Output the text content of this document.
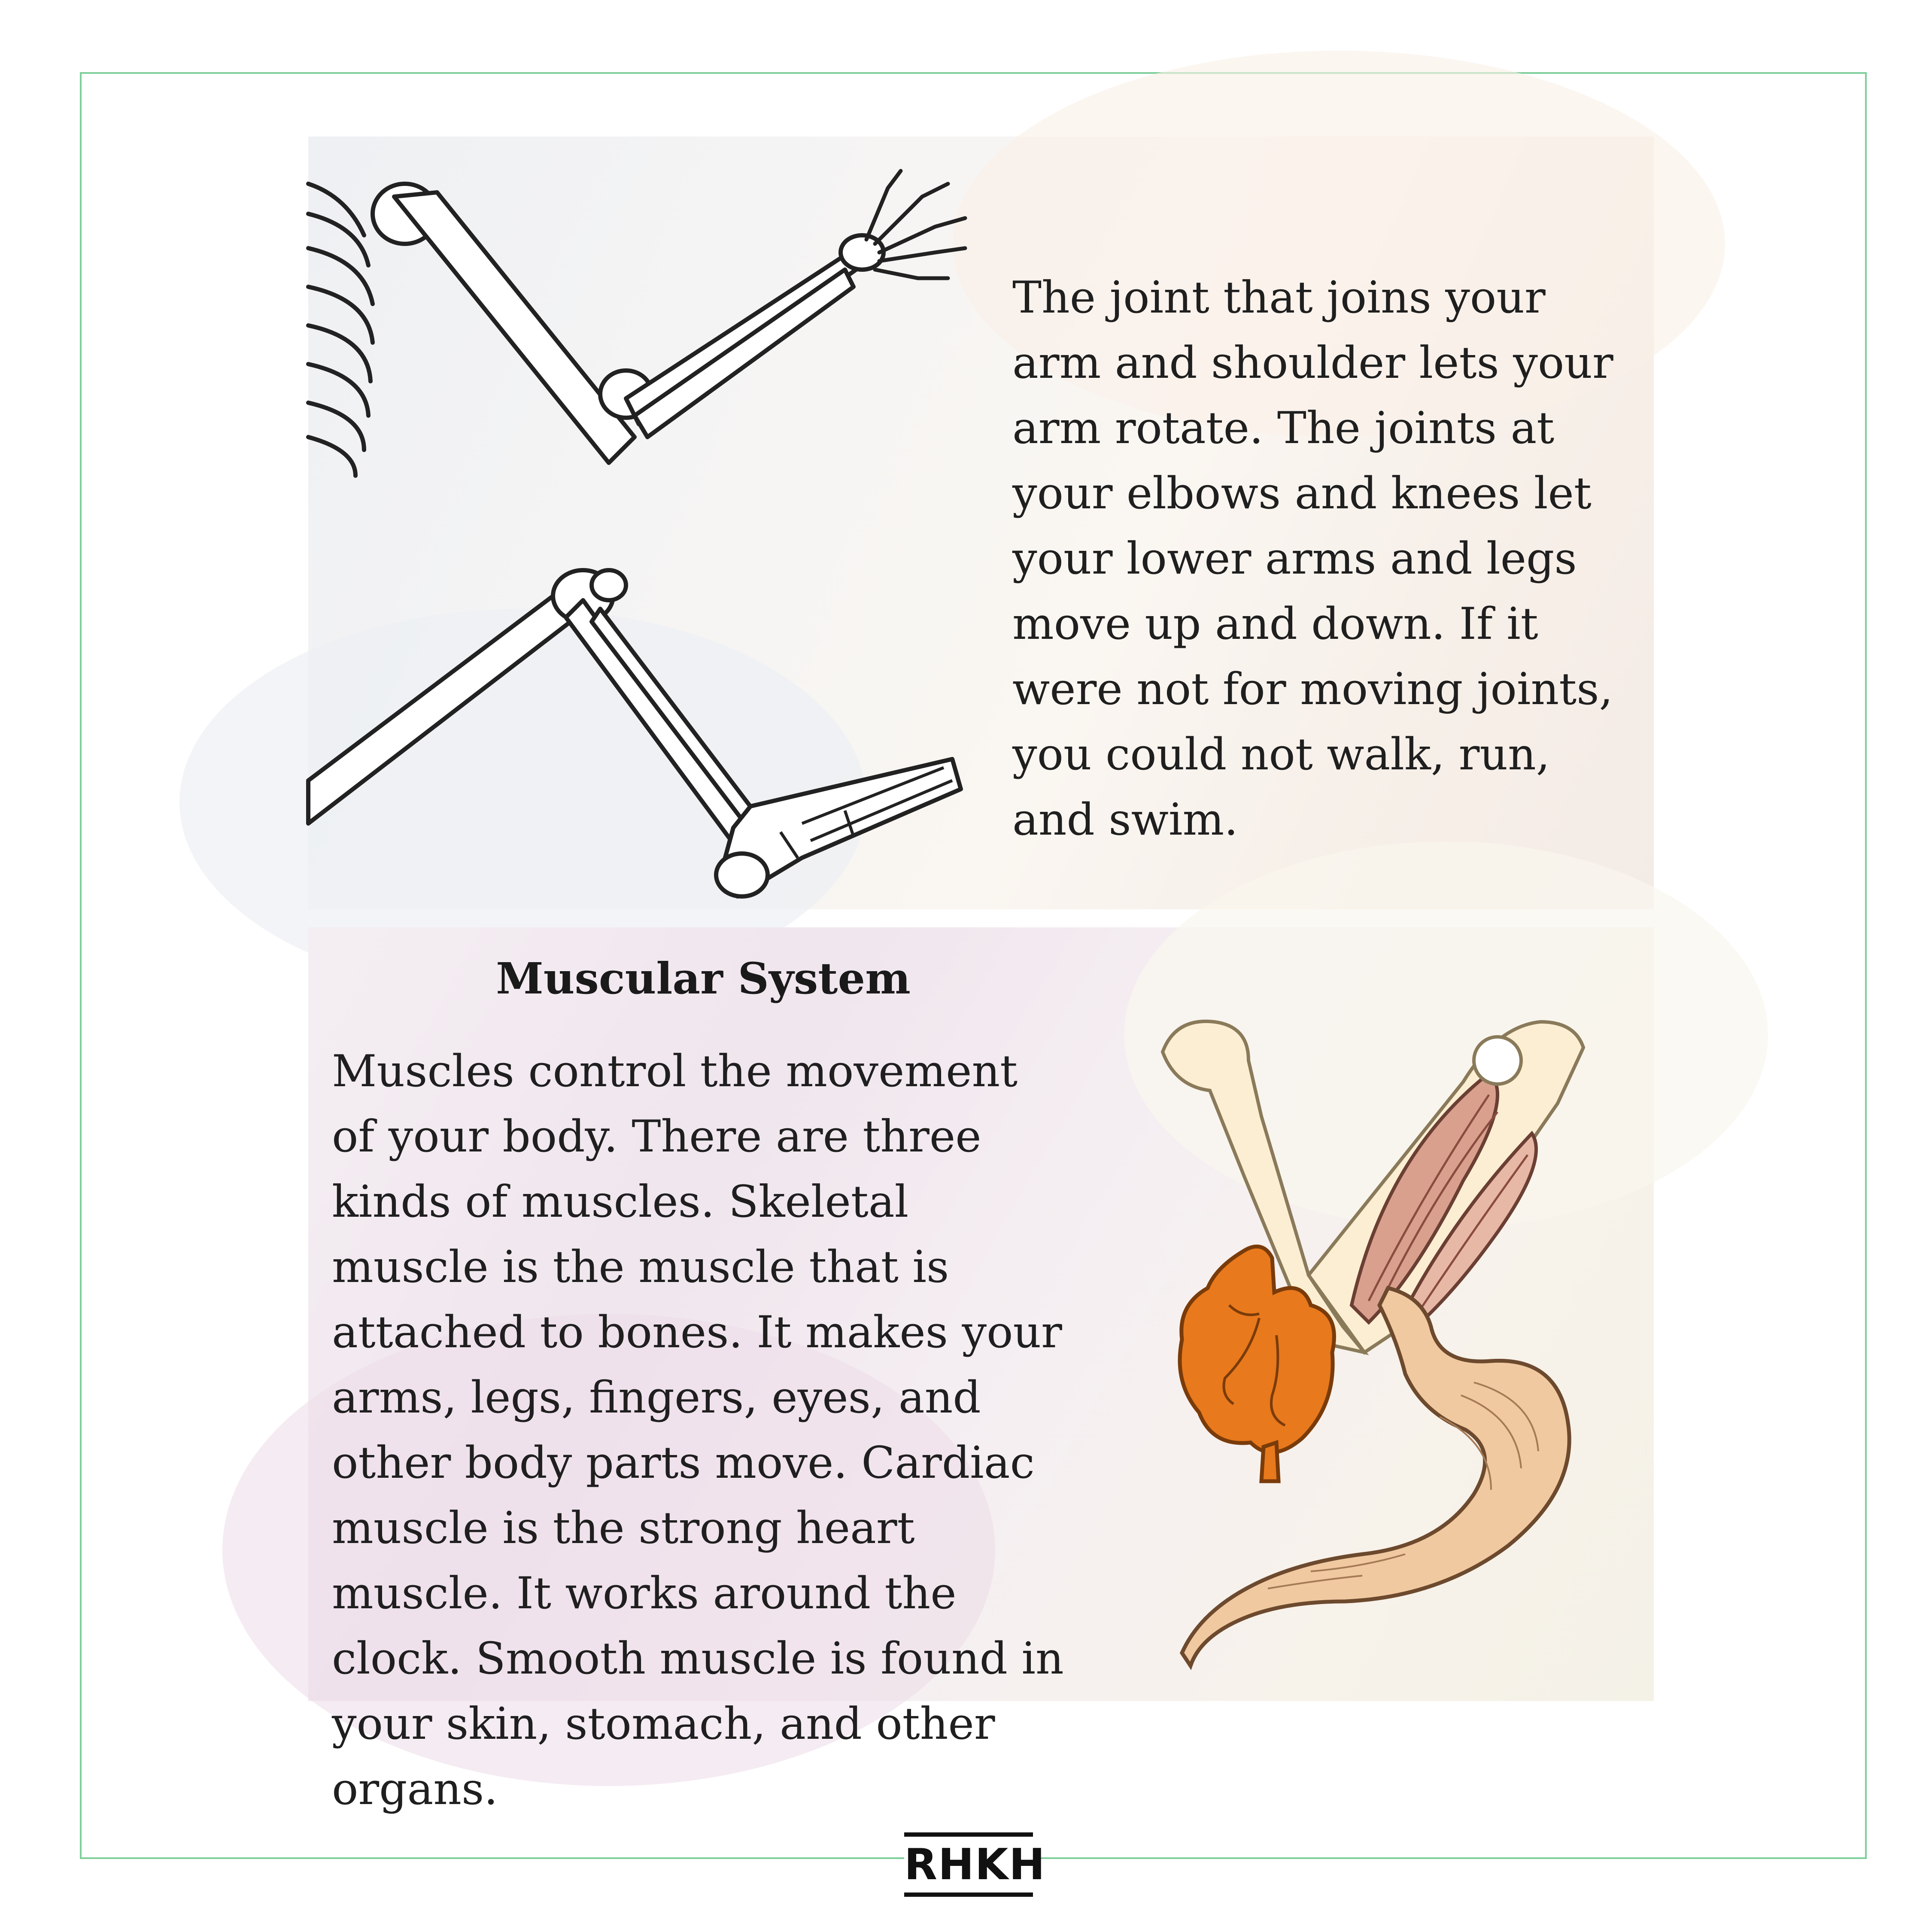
The joint that joins your arm and shoulder lets your arm rotate. The joints at your elbows and knees let your lower arms and legs move up and down. If it were not for moving joints, you could not walk, run, and swim.
Muscular System
Muscles control the movement of your body. There are three kinds of muscles. Skeletal muscle is the muscle that is attached to bones. It makes your arms, legs, fingers, eyes, and other body parts move. Cardiac muscle is the strong heart muscle. It works around the clock. Smooth muscle is found in your skin, stomach, and other organs.
RHKH
